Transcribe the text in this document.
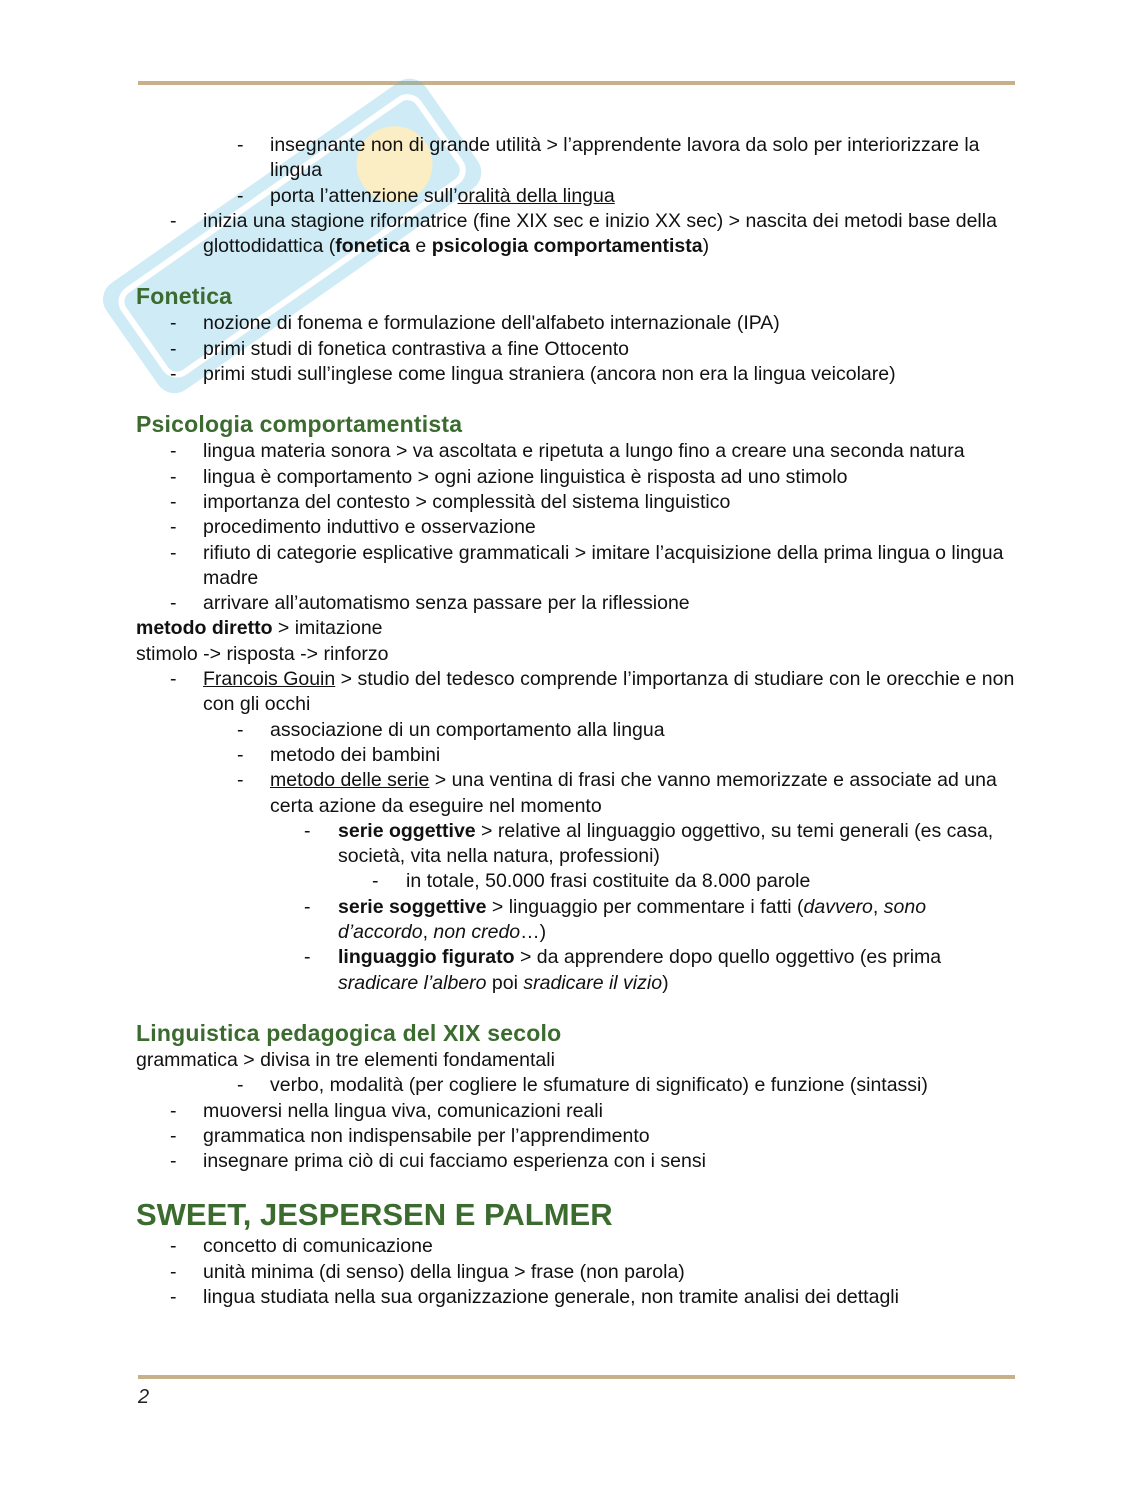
- insegnante non di grande utilità > l’apprendente lavora da solo per interiorizzare la lingua
- porta l’attenzione sull’oralità della lingua
- inizia una stagione riformatrice (fine XIX sec e inizio XX sec) > nascita dei metodi base della glottodidattica (fonetica e psicologia comportamentista)
Fonetica
- nozione di fonema e formulazione dell'alfabeto internazionale (IPA)
- primi studi di fonetica contrastiva a fine Ottocento
- primi studi sull’inglese come lingua straniera (ancora non era la lingua veicolare)
Psicologia comportamentista
- lingua materia sonora > va ascoltata e ripetuta a lungo fino a creare una seconda natura
- lingua è comportamento > ogni azione linguistica è risposta ad uno stimolo
- importanza del contesto > complessità del sistema linguistico
- procedimento induttivo e osservazione
- rifiuto di categorie esplicative grammaticali > imitare l’acquisizione della prima lingua o lingua madre
- arrivare all’automatismo senza passare per la riflessione

metodo diretto > imitazione

stimolo -> risposta -> rinforzo

- Francois Gouin > studio del tedesco comprende l’importanza di studiare con le orecchie e non con gli occhi
- associazione di un comportamento alla lingua
- metodo dei bambini
- metodo delle serie > una ventina di frasi che vanno memorizzate e associate ad una certa azione da eseguire nel momento
- serie oggettive > relative al linguaggio oggettivo, su temi generali (es casa, società, vita nella natura, professioni)
- in totale, 50.000 frasi costituite da 8.000 parole
- serie soggettive > linguaggio per commentare i fatti (davvero, sono d’accordo, non credo…)
- linguaggio figurato > da apprendere dopo quello oggettivo (es prima sradicare l’albero poi sradicare il vizio)
Linguistica pedagogica del XIX secolo

grammatica > divisa in tre elementi fondamentali

- verbo, modalità (per cogliere le sfumature di significato) e funzione (sintassi)
- muoversi nella lingua viva, comunicazioni reali
- grammatica non indispensabile per l’apprendimento
- insegnare prima ciò di cui facciamo esperienza con i sensi
SWEET, JESPERSEN E PALMER
- concetto di comunicazione
- unità minima (di senso) della lingua > frase (non parola)
- lingua studiata nella sua organizzazione generale, non tramite analisi dei dettagli
2
